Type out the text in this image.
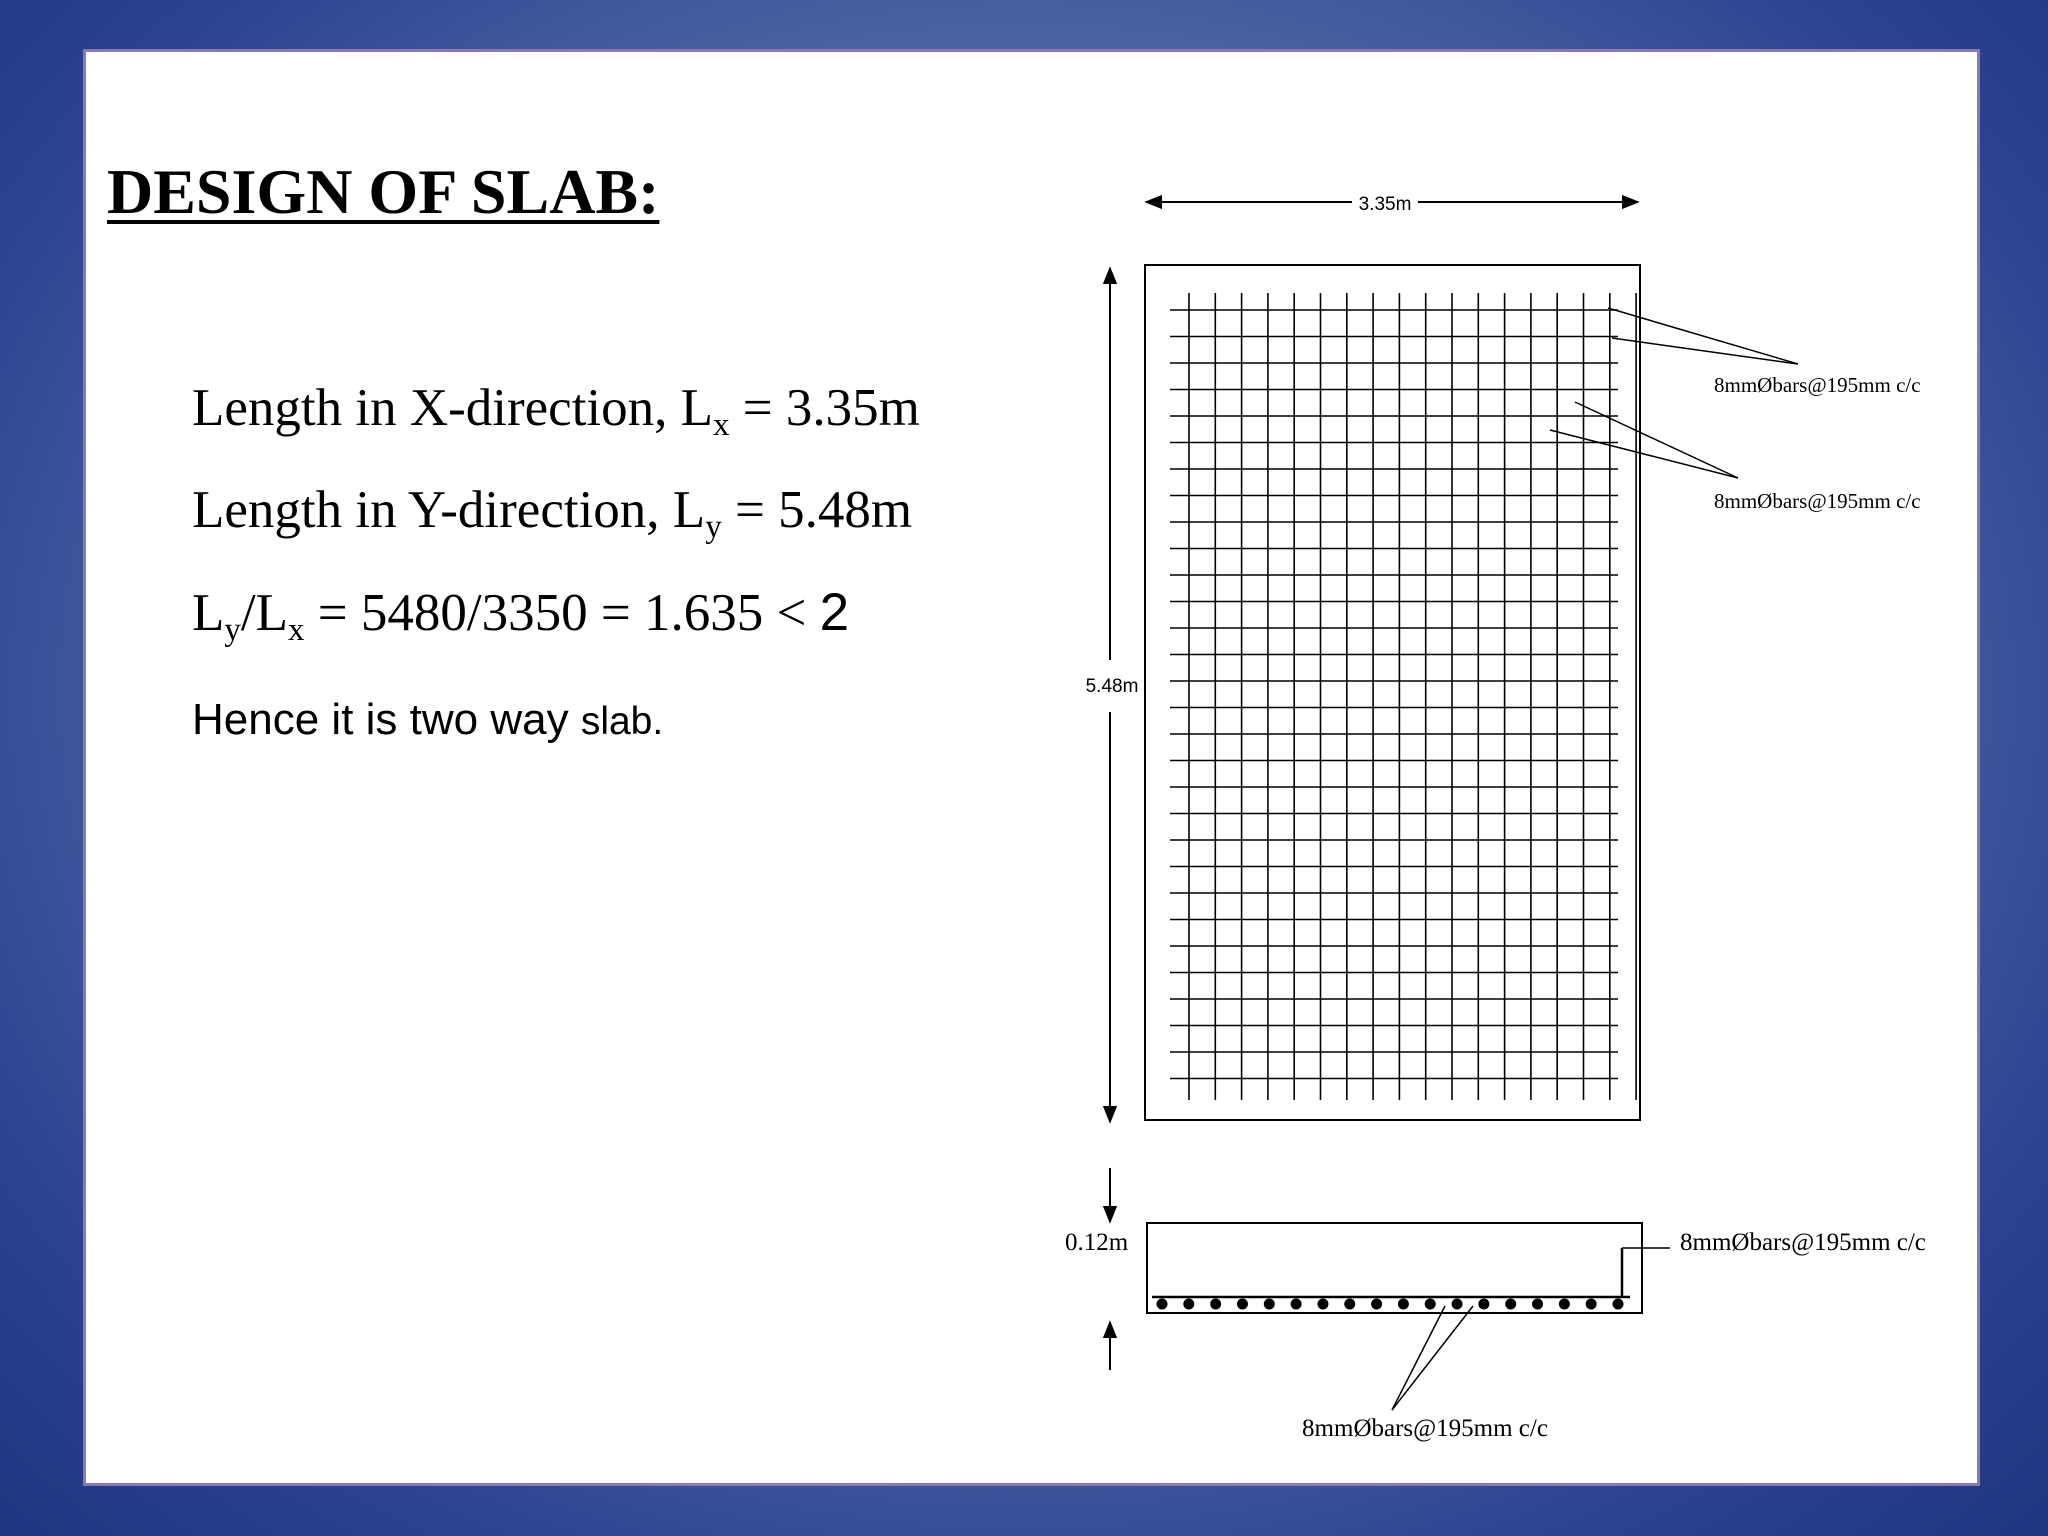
DESIGN OF SLAB:
Length in X-direction, $L_x = 3.35m$
Length in Y-direction, $L_y = 5.48m$
$L_y/L_x = 5480/3350 = 1.635 < 2$
Hence it is two way slab.
3.35m
5.48m
8mmØbars@195mm c/c
8mmØbars@195mm c/c
0.12m	8mmØbars@195mm c/c
8mmØbars@195mm c/c
